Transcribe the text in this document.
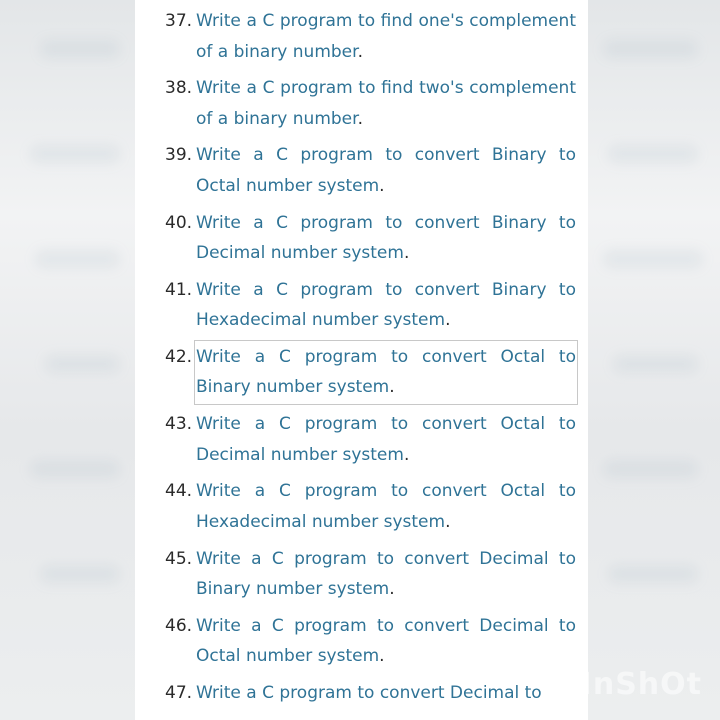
37. Write a C program to find one's complement of a binary number.
38. Write a C program to find two's complement of a binary number.
39. Write a C program to convert Binary to Octal number system.
40. Write a C program to convert Binary to Decimal number system.
41. Write a C program to convert Binary to Hexadecimal number system.
42. Write a C program to convert Octal to Binary number system.
43. Write a C program to convert Octal to Decimal number system.
44. Write a C program to convert Octal to Hexadecimal number system.
45. Write a C program to convert Decimal to Binary number system.
46. Write a C program to convert Decimal to Octal number system.
47. Write a C program to convert Decimal to	InShOt
